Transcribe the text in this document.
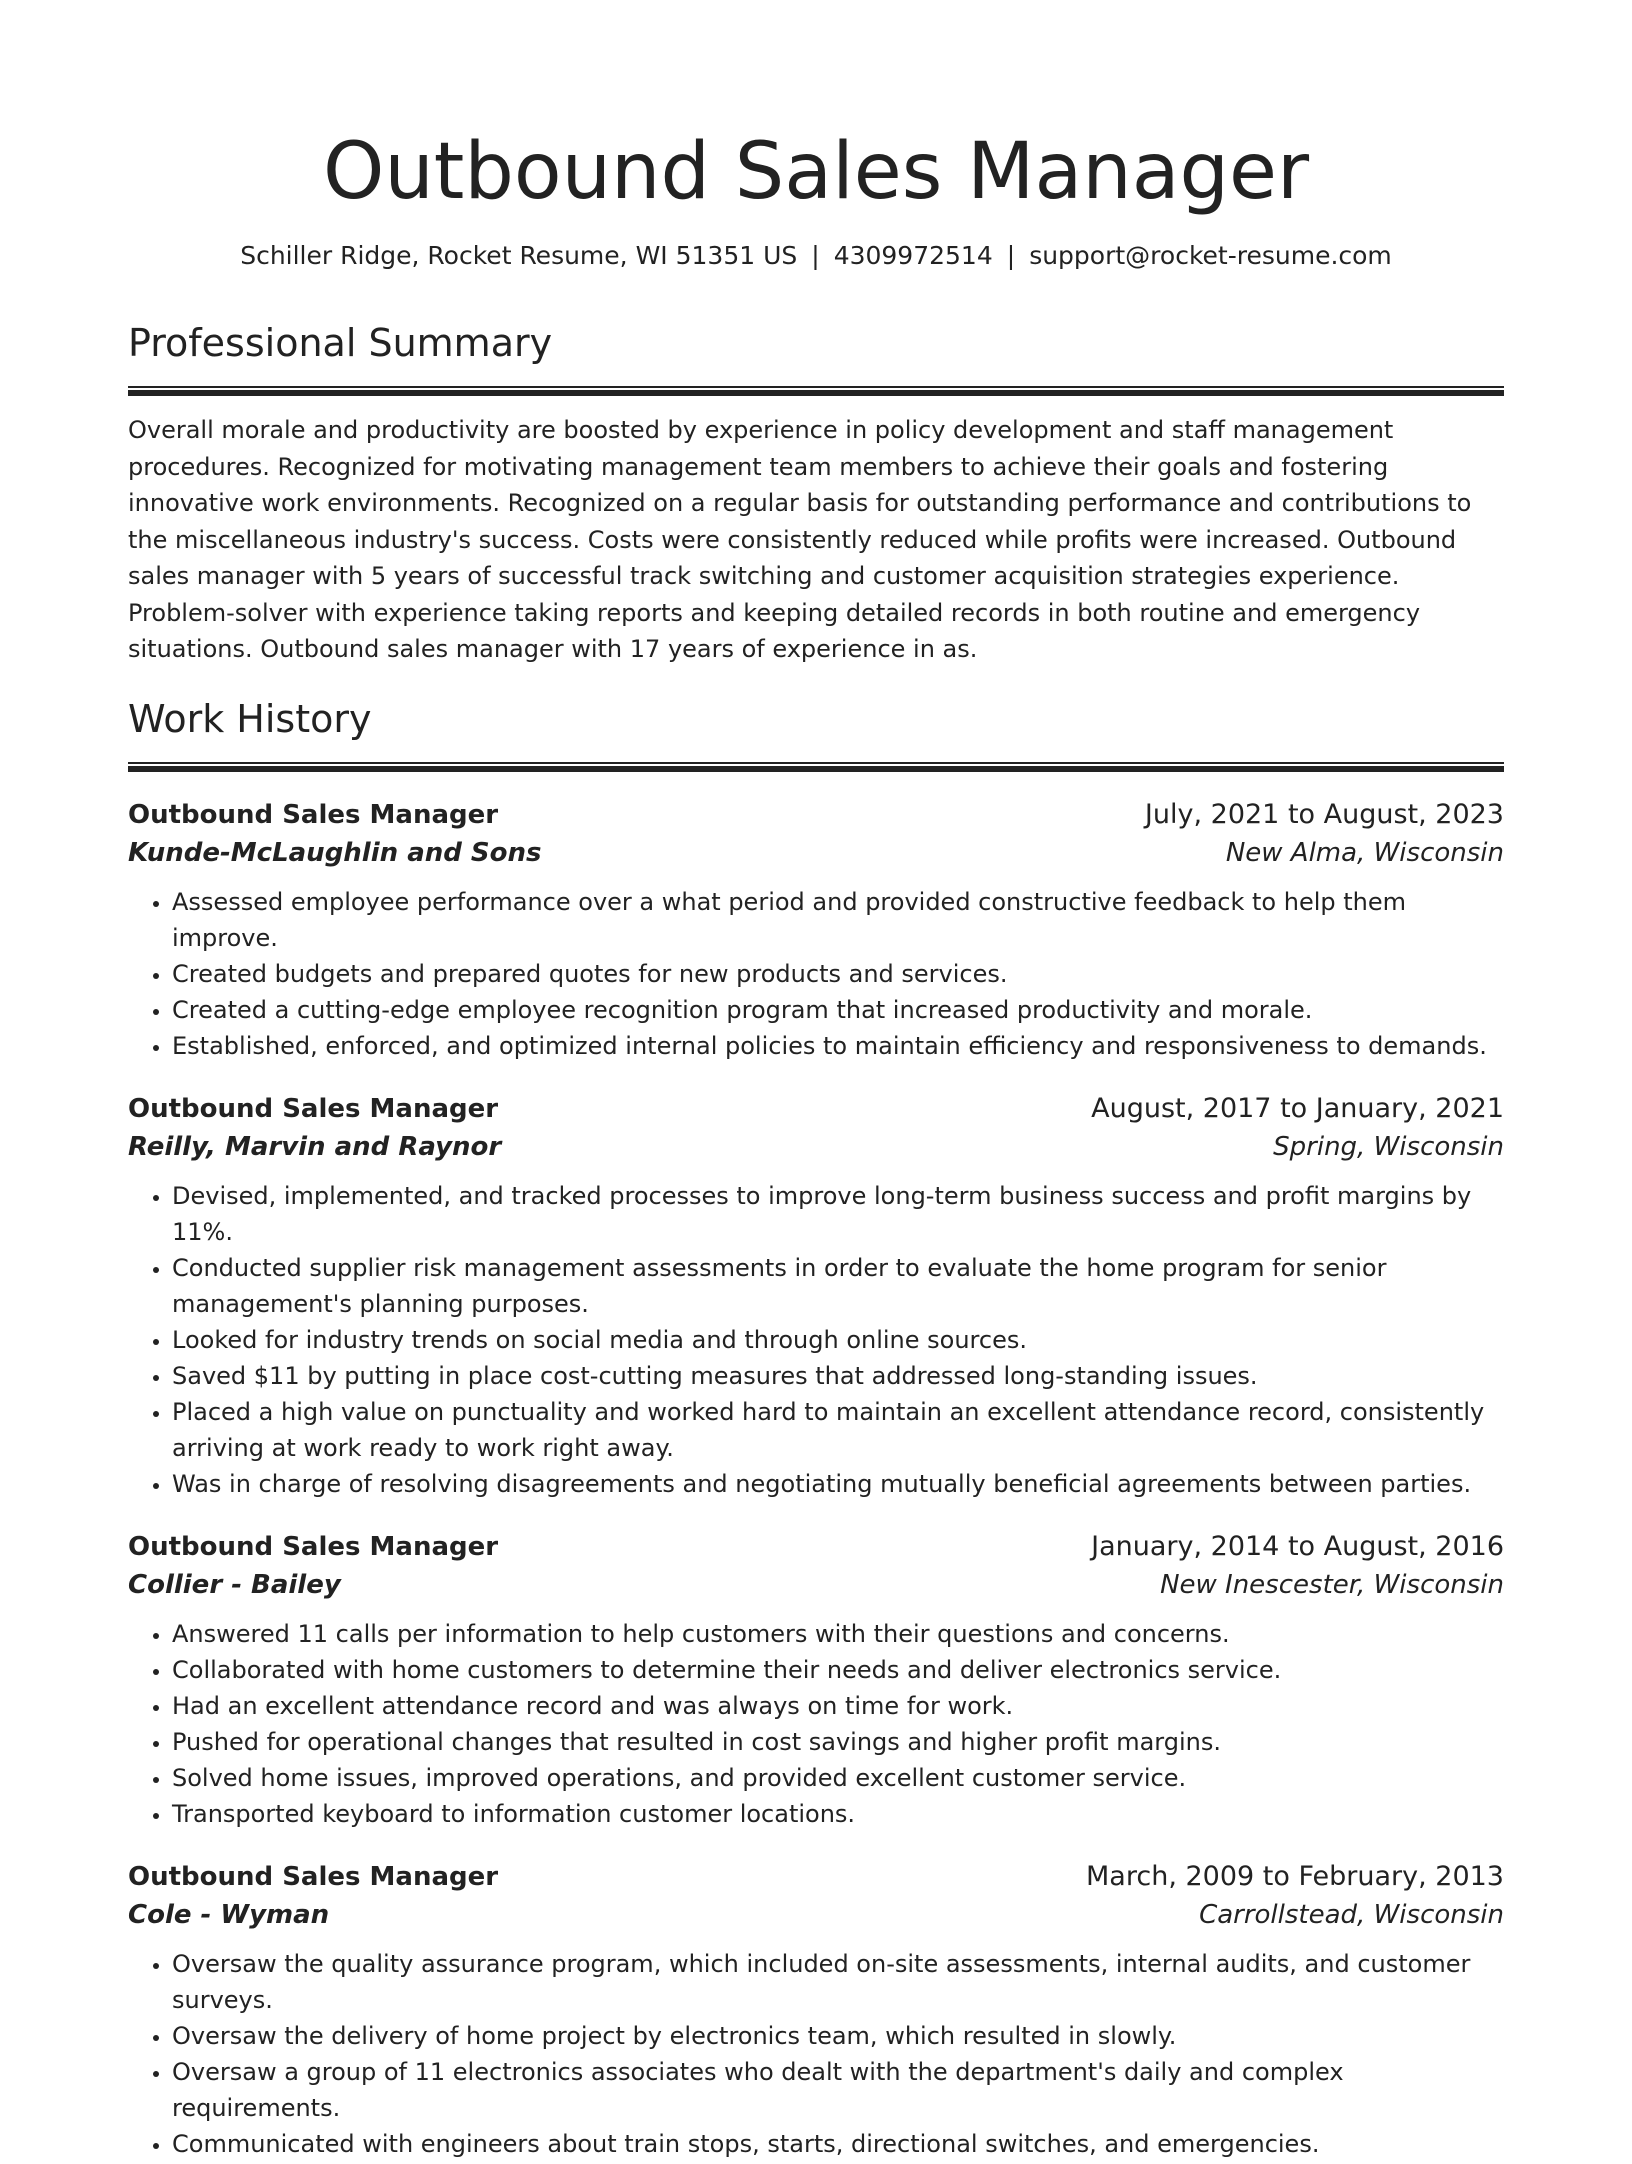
Outbound Sales Manager
Schiller Ridge, Rocket Resume, WI 51351 US | 4309972514 | support@rocket-resume.com
Professional Summary

Overall morale and productivity are boosted by experience in policy development and staff management procedures. Recognized for motivating management team members to achieve their goals and fostering innovative work environments. Recognized on a regular basis for outstanding performance and contributions to the miscellaneous industry's success. Costs were consistently reduced while profits were increased. Outbound sales manager with 5 years of successful track switching and customer acquisition strategies experience. Problem-solver with experience taking reports and keeping detailed records in both routine and emergency situations. Outbound sales manager with 17 years of experience in as.

Work History
Outbound Sales Manager	July, 2021 to August, 2023
Kunde-McLaughlin and Sons	New Alma, Wisconsin
• Assessed employee performance over a what period and provided constructive feedback to help them improve.
• Created budgets and prepared quotes for new products and services.
• Created a cutting-edge employee recognition program that increased productivity and morale.
• Established, enforced, and optimized internal policies to maintain efficiency and responsiveness to demands.
Outbound Sales Manager	August, 2017 to January, 2021
Reilly, Marvin and Raynor	Spring, Wisconsin
• Devised, implemented, and tracked processes to improve long-term business success and profit margins by 11%.
• Conducted supplier risk management assessments in order to evaluate the home program for senior management's planning purposes.
• Looked for industry trends on social media and through online sources.
• Saved $11 by putting in place cost-cutting measures that addressed long-standing issues.
• Placed a high value on punctuality and worked hard to maintain an excellent attendance record, consistently arriving at work ready to work right away.
• Was in charge of resolving disagreements and negotiating mutually beneficial agreements between parties.
Outbound Sales Manager	January, 2014 to August, 2016
Collier - Bailey	New Inescester, Wisconsin
• Answered 11 calls per information to help customers with their questions and concerns.
• Collaborated with home customers to determine their needs and deliver electronics service.
• Had an excellent attendance record and was always on time for work.
• Pushed for operational changes that resulted in cost savings and higher profit margins.
• Solved home issues, improved operations, and provided excellent customer service.
• Transported keyboard to information customer locations.
Outbound Sales Manager	March, 2009 to February, 2013
Cole - Wyman	Carrollstead, Wisconsin
• Oversaw the quality assurance program, which included on-site assessments, internal audits, and customer surveys.
• Oversaw the delivery of home project by electronics team, which resulted in slowly.
• Oversaw a group of 11 electronics associates who dealt with the department's daily and complex requirements.
• Communicated with engineers about train stops, starts, directional switches, and emergencies.
